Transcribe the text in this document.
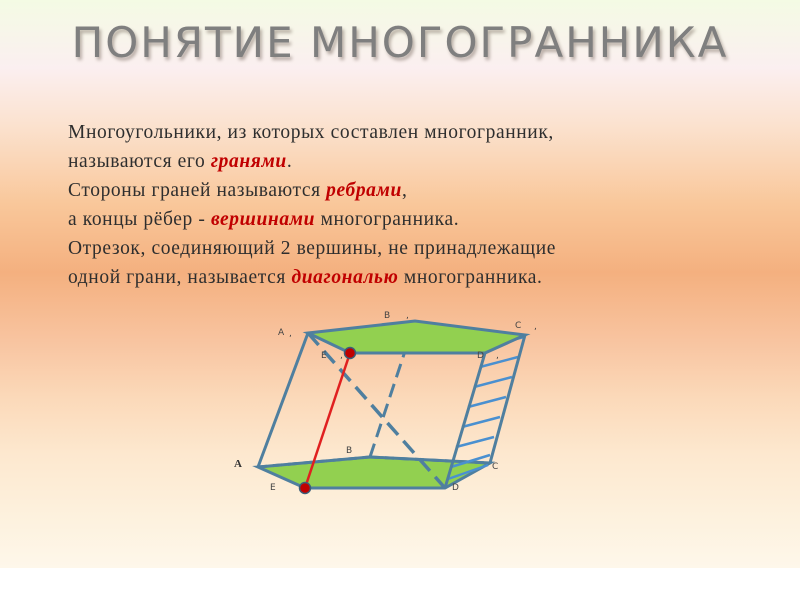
ПОНЯТИЕ МНОГОГРАННИКА
Многоугольники, из которых составлен многогранник,
называются его гранями.
Стороны граней называются ребрами,
а концы рёбер - вершинами многогранника.
Отрезок, соединяющий 2 вершины, не принадлежащие
одной грани, называется диагональю многогранника.
A ,
B ,
C ,
E ,	D ,
A
B
C
E	D
